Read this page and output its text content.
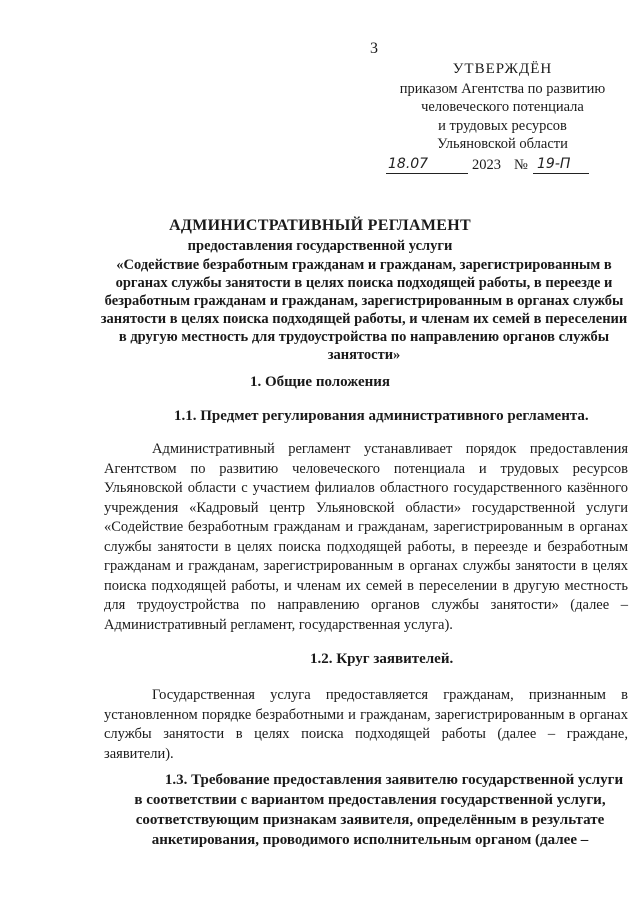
3
УТВЕРЖДЁН
приказом Агентства по развитию
человеческого потенциала
и трудовых ресурсов
Ульяновской области
18.07	2023 № 19-П
АДМИНИСТРАТИВНЫЙ РЕГЛАМЕНТ
предоставления государственной услуги
«Содействие безработным гражданам и гражданам, зарегистрированным в органах службы занятости в целях поиска подходящей работы, в переезде и безработным гражданам и гражданам, зарегистрированным в органах службы занятости в целях поиска подходящей работы, и членам их семей в переселении в другую местность для трудоустройства по направлению органов службы занятости»
1. Общие положения
1.1. Предмет регулирования административного регламента.
Административный регламент устанавливает порядок предоставления Агентством по развитию человеческого потенциала и трудовых ресурсов Ульяновской области с участием филиалов областного государственного казённого учреждения «Кадровый центр Ульяновской области» государственной услуги «Содействие безработным гражданам и гражданам, зарегистрированным в органах службы занятости в целях поиска подходящей работы, в переезде и безработным гражданам и гражданам, зарегистрированным в органах службы занятости в целях поиска подходящей работы, и членам их семей в переселении в другую местность для трудоустройства по направлению органов службы занятости» (далее – Административный регламент, государственная услуга).
1.2. Круг заявителей.
Государственная услуга предоставляется гражданам, признанным в установленном порядке безработными и гражданам, зарегистрированным в органах службы занятости в целях поиска подходящей работы (далее – граждане, заявители).
1.3. Требование предоставления заявителю государственной услуги
в соответствии с вариантом предоставления государственной услуги, соответствующим признакам заявителя, определённым в результате анкетирования, проводимого исполнительным органом (далее –
